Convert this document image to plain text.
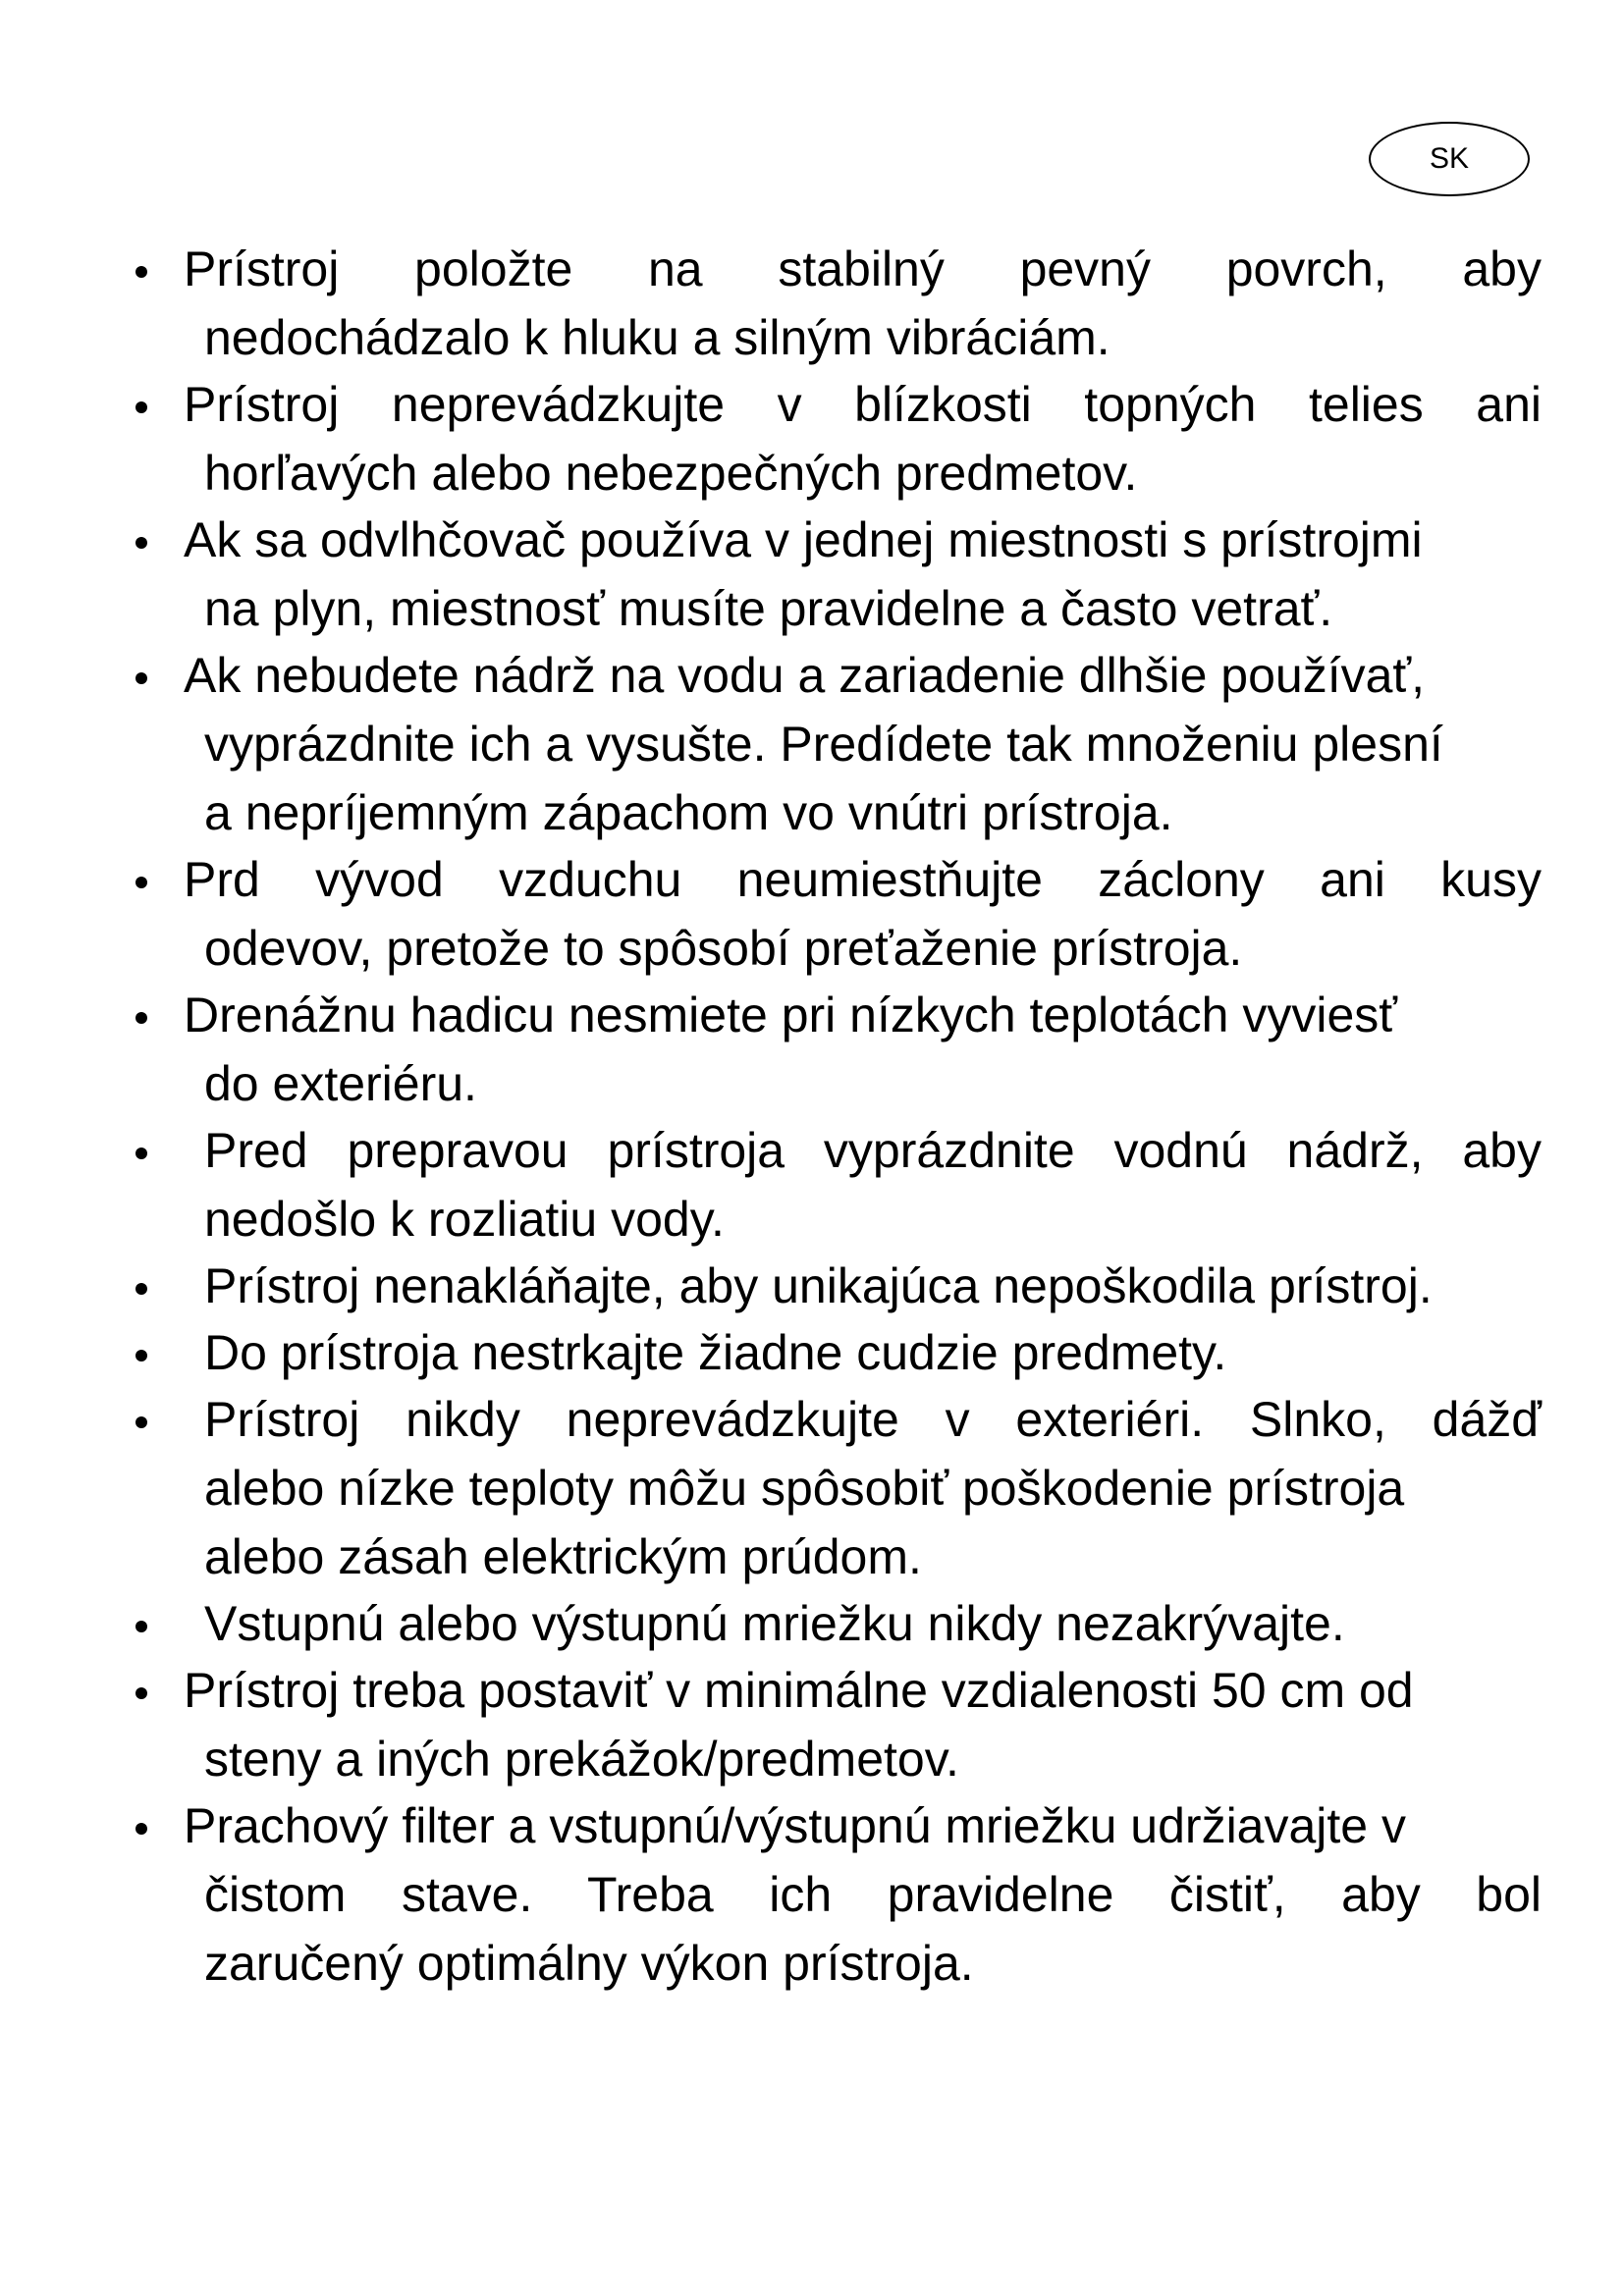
SK
Prístroj položte na stabilný pevný povrch, aby
nedochádzalo k hluku a silným vibráciám.
Prístroj neprevádzkujte v blízkosti topných telies ani
horľavých alebo nebezpečných predmetov.
Ak sa odvlhčovač používa v jednej miestnosti s prístrojmi
na plyn, miestnosť musíte pravidelne a často vetrať.
Ak nebudete nádrž na vodu a zariadenie dlhšie používať,
vyprázdnite ich a vysušte. Predídete tak množeniu plesní
a nepríjemným zápachom vo vnútri prístroja.
Prd vývod vzduchu neumiestňujte záclony ani kusy
odevov, pretože to spôsobí preťaženie prístroja.
Drenážnu hadicu nesmiete pri nízkych teplotách vyviesť
do exteriéru.
Pred prepravou prístroja vyprázdnite vodnú nádrž, aby
nedošlo k rozliatiu vody.
Prístroj nenakláňajte, aby unikajúca nepoškodila prístroj.
Do prístroja nestrkajte žiadne cudzie predmety.
Prístroj nikdy neprevádzkujte v exteriéri. Slnko, dážď
alebo nízke teploty môžu spôsobiť poškodenie prístroja
alebo zásah elektrickým prúdom.
Vstupnú alebo výstupnú mriežku nikdy nezakrývajte.
Prístroj treba postaviť v minimálne vzdialenosti 50 cm od
steny a iných prekážok/predmetov.
Prachový filter a vstupnú/výstupnú mriežku udržiavajte v
čistom stave. Treba ich pravidelne čistiť, aby bol
zaručený optimálny výkon prístroja.
